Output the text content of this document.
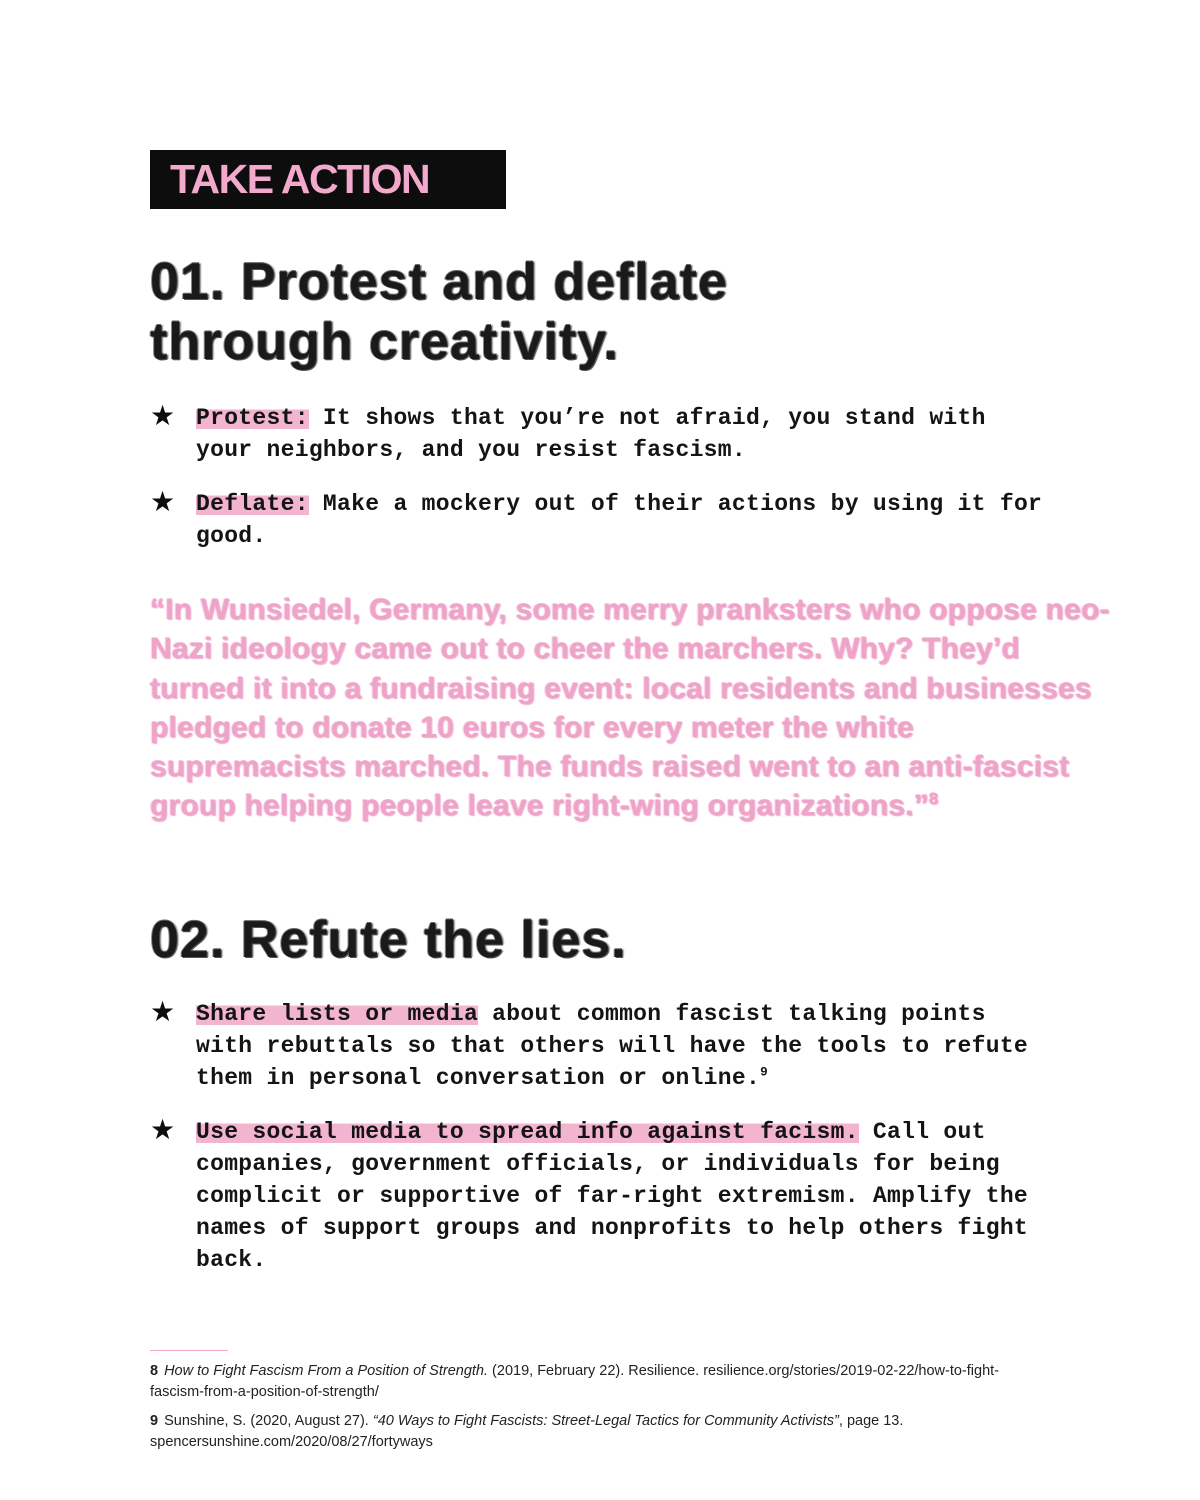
TAKE ACTION
01. Protest and deflate
through creativity.
★ Protest: It shows that you’re not afraid, you stand with your neighbors, and you resist fascism.
★ Deflate: Make a mockery out of their actions by using it for good.

“In Wunsiedel, Germany, some merry pranksters who oppose neo-Nazi ideology came out to cheer the marchers. Why? They’d turned it into a fundraising event: local residents and businesses pledged to donate 10 euros for every meter the white supremacists marched. The funds raised went to an anti-fascist group helping people leave right-wing organizations.”$^8$

02. Refute the lies.
★ Share lists or media about common fascist talking points with rebuttals so that others will have the tools to refute them in personal conversation or online.$^9$
★ Use social media to spread info against facism. Call out companies, government officials, or individuals for being complicit or supportive of far-right extremism. Amplify the names of support groups and nonprofits to help others fight back.

8 How to Fight Fascism From a Position of Strength. (2019, February 22). Resilience. resilience.org/stories/2019-02-22/how-to-fight-fascism-from-a-position-of-strength/

9 Sunshine, S. (2020, August 27). “40 Ways to Fight Fascists: Street-Legal Tactics for Community Activists”, page 13. spencersunshine.com/2020/08/27/fortyways
